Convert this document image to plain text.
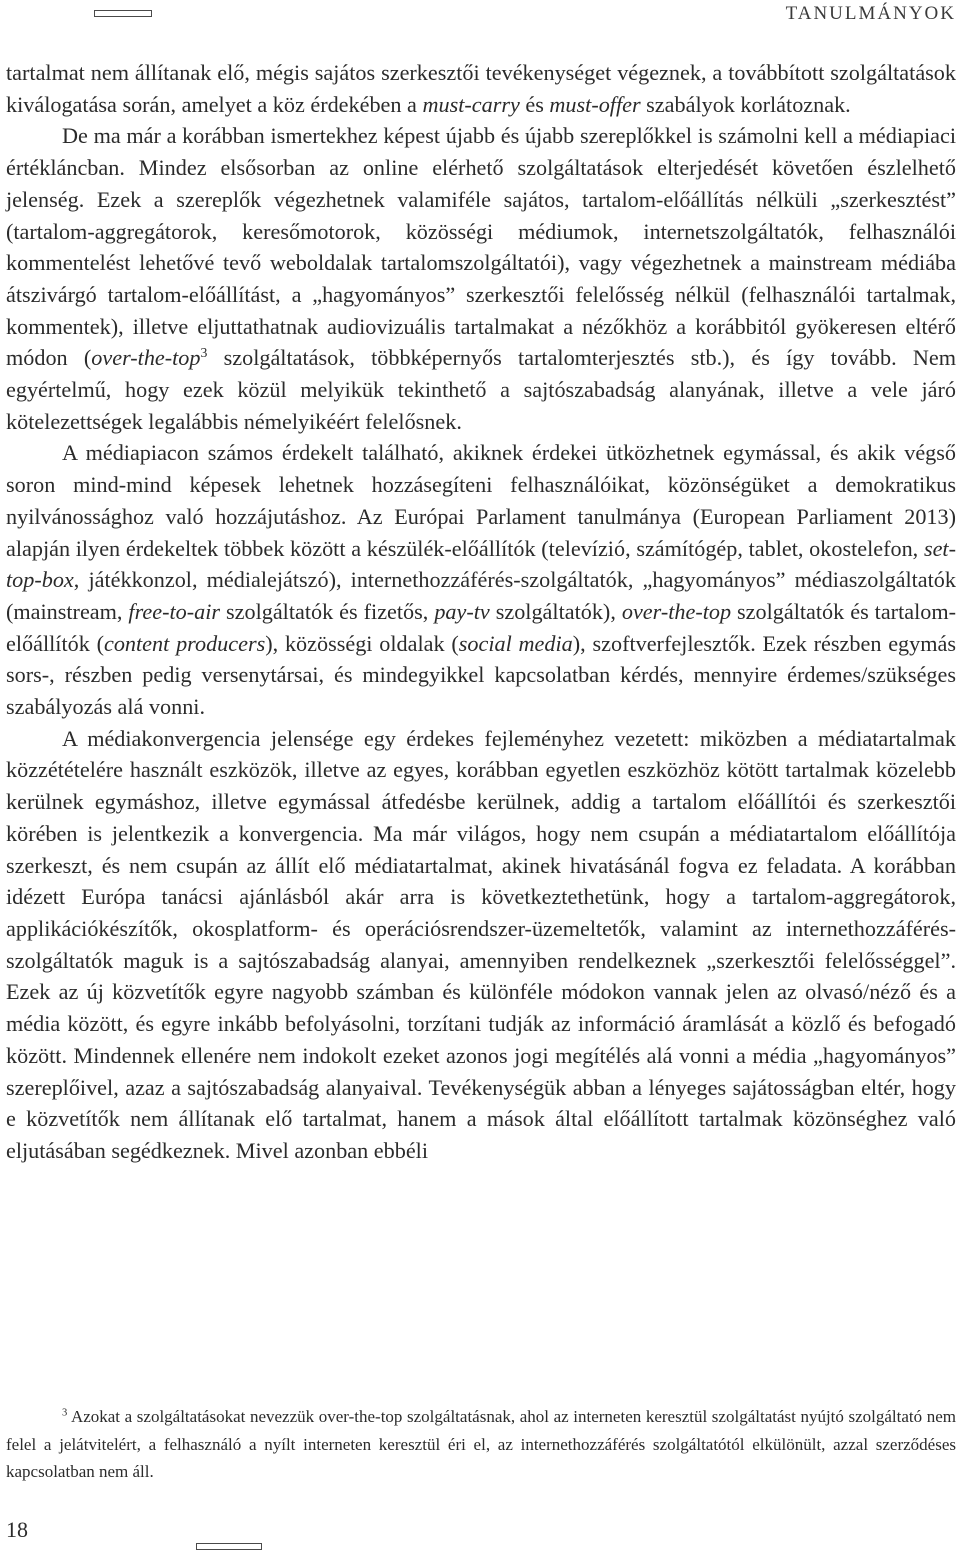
TANULMÁNYOK

tartalmat nem állítanak elő, mégis sajátos szerkesztői tevékenységet végeznek, a továbbított szolgáltatások kiválogatása során, amelyet a köz érdekében a must-carry és must-offer szabályok korlátoznak.

De ma már a korábban ismertekhez képest újabb és újabb szereplőkkel is számolni kell a médiapiaci értékláncban. Mindez elsősorban az online elérhető szolgáltatások elterjedését követően észlelhető jelenség. Ezek a szereplők végezhetnek valamiféle sajátos, tartalom-előállítás nélküli „szerkesztést” (tartalom-aggregátorok, keresőmotorok, közösségi médiumok, internetszolgáltatók, felhasználói kommentelést lehetővé tevő weboldalak tartalomszolgáltatói), vagy végezhetnek a mainstream médiába átszivárgó tartalom-előállítást, a „hagyományos” szerkesztői felelősség nélkül (felhasználói tartalmak, kommentek), illetve eljuttathatnak audiovizuális tartalmakat a nézőkhöz a korábbitól gyökeresen eltérő módon (over-the-top$^3$ szolgáltatások, többképernyős tartalomterjesztés stb.), és így tovább. Nem egyértelmű, hogy ezek közül melyikük tekinthető a sajtószabadság alanyának, illetve a vele járó kötelezettségek legalábbis némelyikéért felelősnek.

A médiapiacon számos érdekelt található, akiknek érdekei ütközhetnek egymással, és akik végső soron mind-mind képesek lehetnek hozzásegíteni felhasználóikat, közönségüket a demokratikus nyilvánossághoz való hozzájutáshoz. Az Európai Parlament tanulmánya (European Parliament 2013) alapján ilyen érdekeltek többek között a készülék-előállítók (televízió, számítógép, tablet, okostelefon, set-top-box, játékkonzol, médialejátszó), internethozzáférés-szolgáltatók, „hagyományos” médiaszolgáltatók (mainstream, free-to-air szolgáltatók és fizetős, pay-tv szolgáltatók), over-the-top szolgáltatók és tartalom-előállítók (content producers), közösségi oldalak (social media), szoftverfejlesztők. Ezek részben egymás sors-, részben pedig versenytársai, és mindegyikkel kapcsolatban kérdés, mennyire érdemes/szükséges szabályozás alá vonni.

A médiakonvergencia jelensége egy érdekes fejleményhez vezetett: miközben a médiatartalmak közzétételére használt eszközök, illetve az egyes, korábban egyetlen eszközhöz kötött tartalmak közelebb kerülnek egymáshoz, illetve egymással átfedésbe kerülnek, addig a tartalom előállítói és szerkesztői körében is jelentkezik a konvergencia. Ma már világos, hogy nem csupán a médiatartalom előállítója szerkeszt, és nem csupán az állít elő médiatartalmat, akinek hivatásánál fogva ez feladata. A korábban idézett Európa tanácsi ajánlásból akár arra is következtethetünk, hogy a tartalom-aggregátorok, applikációkészítők, okosplatform- és operációsrendszer-üzemeltetők, valamint az internethozzáférés-szolgáltatók maguk is a sajtószabadság alanyai, amennyiben rendelkeznek „szerkesztői felelősséggel”. Ezek az új közvetítők egyre nagyobb számban és különféle módokon vannak jelen az olvasó/néző és a média között, és egyre inkább befolyásolni, torzítani tudják az információ áramlását a közlő és befogadó között. Mindennek ellenére nem indokolt ezeket azonos jogi megítélés alá vonni a média „hagyományos” szereplőivel, azaz a sajtószabadság alanyaival. Tevékenységük abban a lényeges sajátosságban eltér, hogy e közvetítők nem állítanak elő tartalmat, hanem a mások által előállított tartalmak közönséghez való eljutásában segédkeznek. Mivel azonban ebbéli

$^3$ Azokat a szolgáltatásokat nevezzük over-the-top szolgáltatásnak, ahol az interneten keresztül szolgáltatást nyújtó szolgáltató nem felel a jelátvitelért, a felhasználó a nyílt interneten keresztül éri el, az internethozzáférés szolgáltatótól elkülönült, azzal szerződéses kapcsolatban nem áll.
18
